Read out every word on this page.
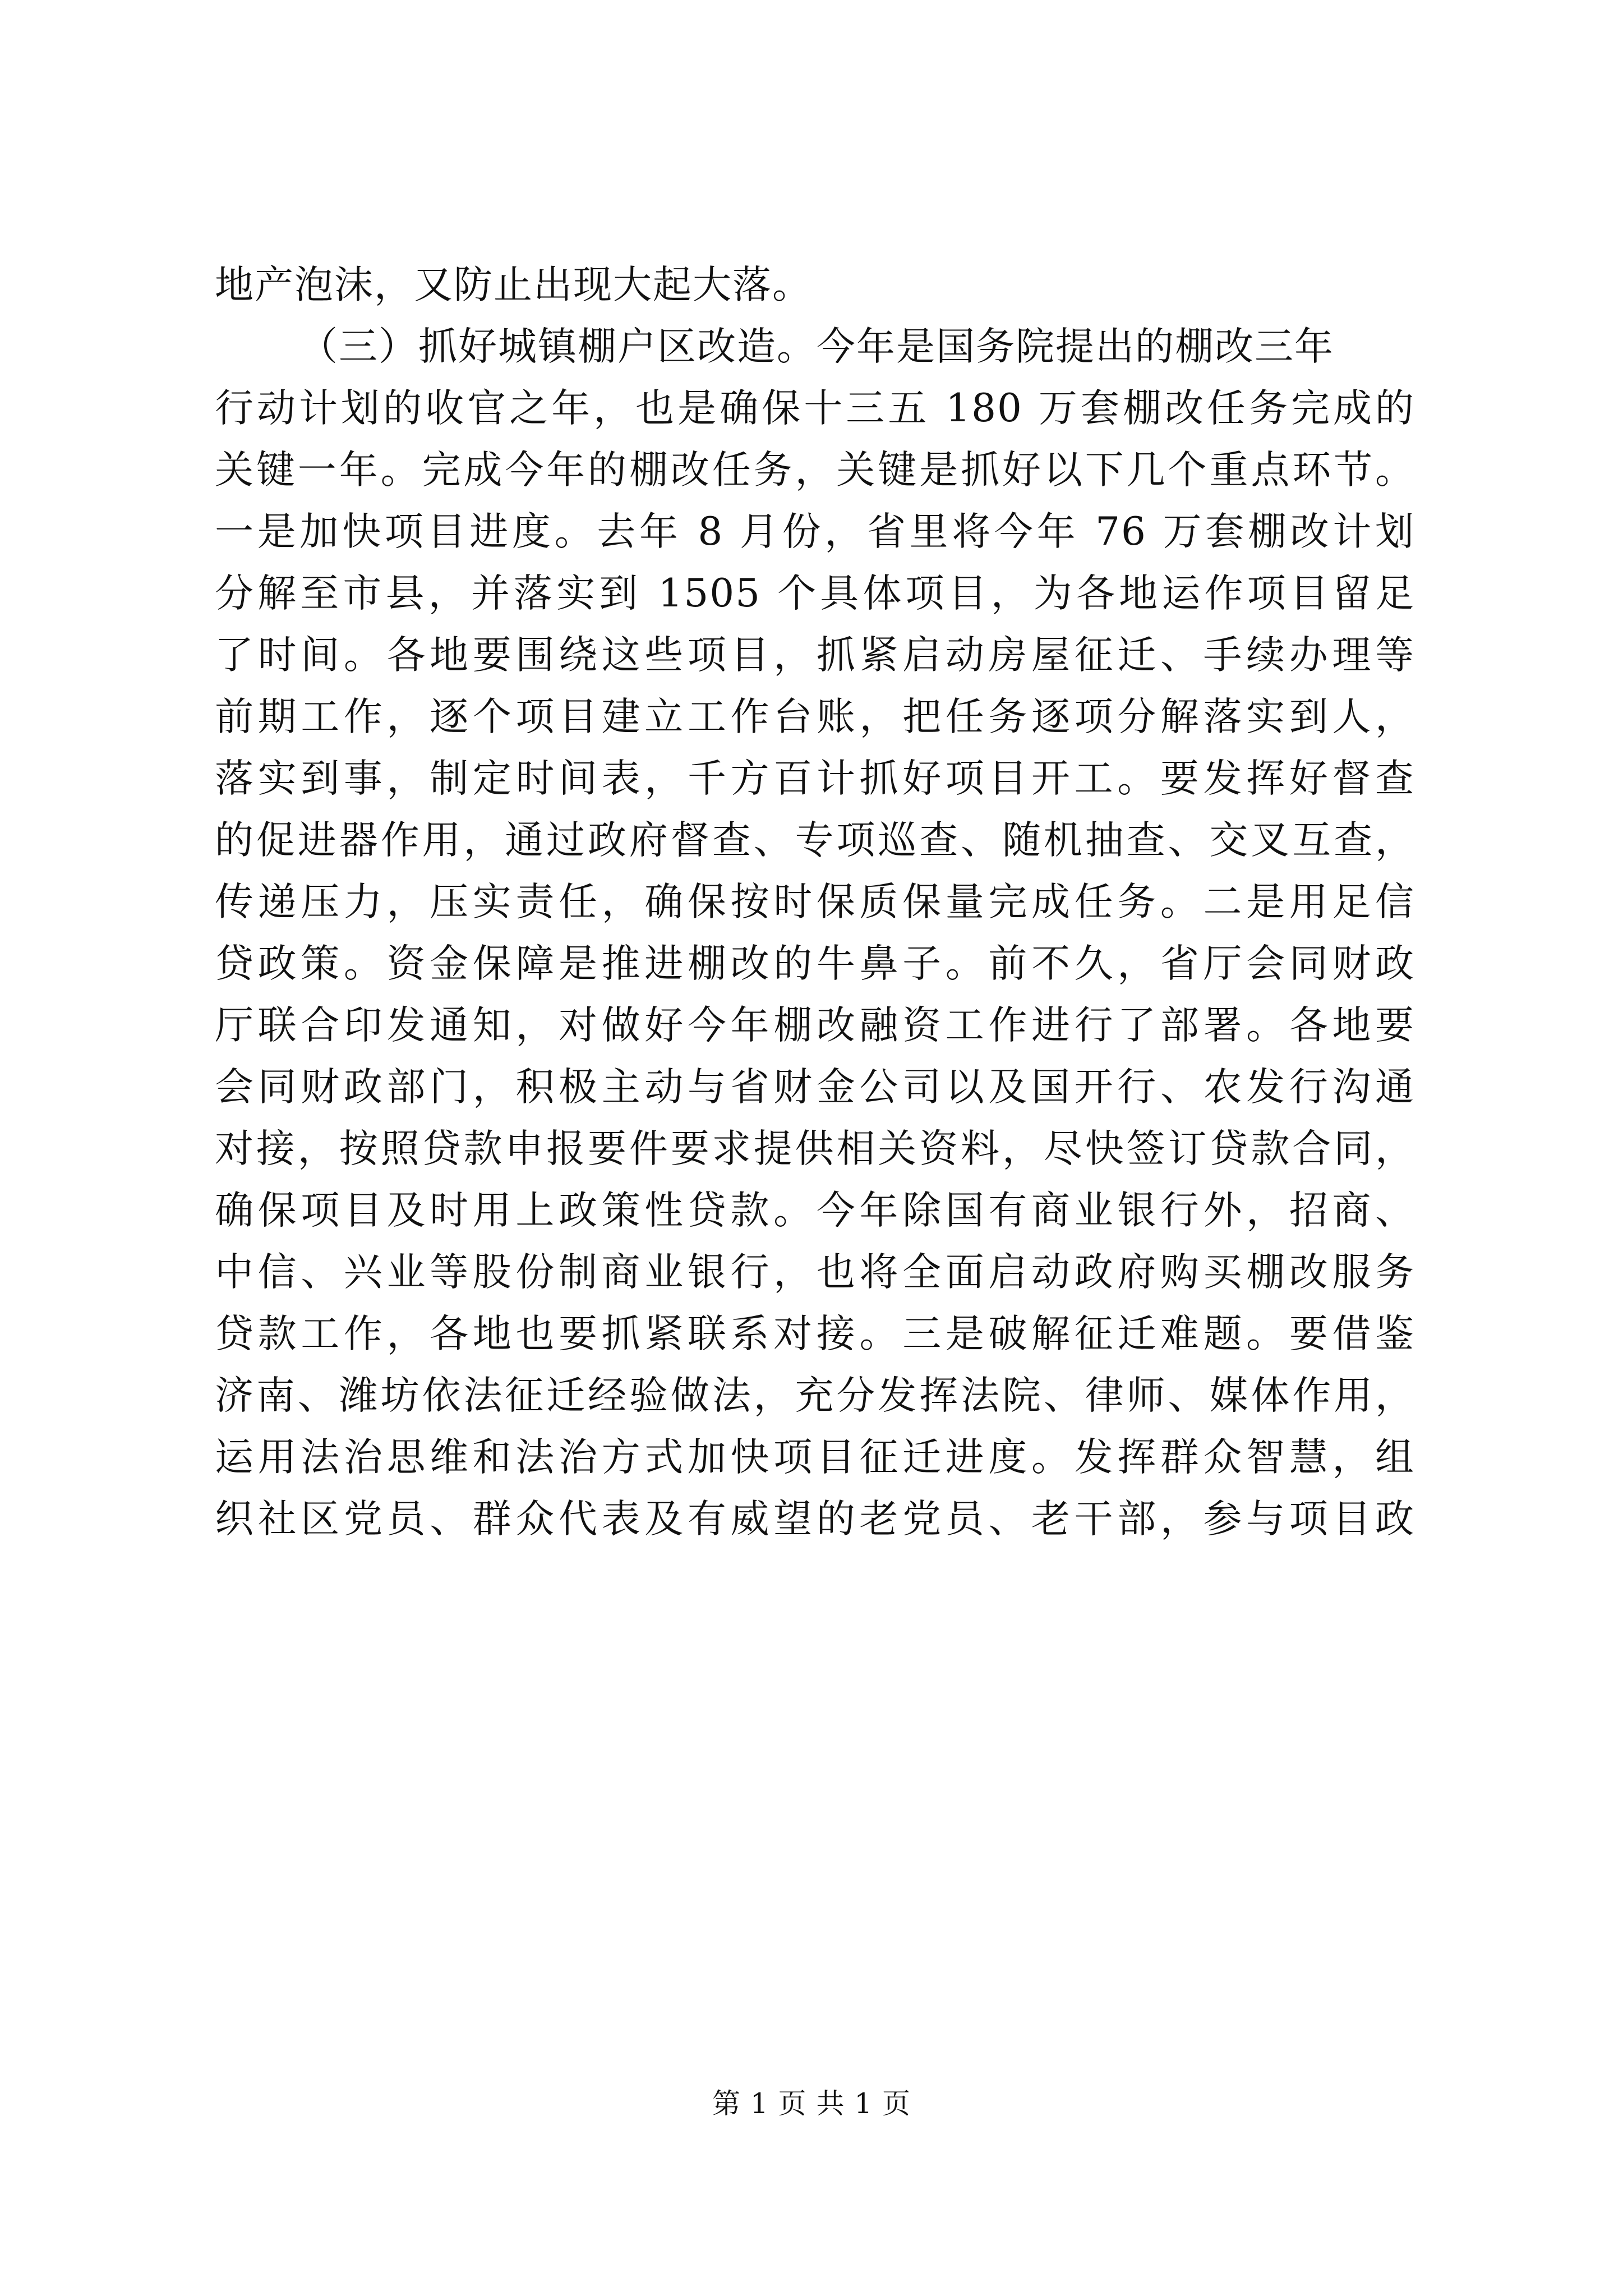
地产泡沫，又防止出现大起大落。
（三）抓好城镇棚户区改造。今年是国务院提出的棚改三年
行动计划的收官之年，也是确保十三五 180 万套棚改任务完成的
关键一年。完成今年的棚改任务，关键是抓好以下几个重点环节。
一是加快项目进度。去年 8 月份，省里将今年 76 万套棚改计划
分解至市县，并落实到 1505 个具体项目，为各地运作项目留足
了时间。各地要围绕这些项目，抓紧启动房屋征迁、手续办理等
前期工作，逐个项目建立工作台账，把任务逐项分解落实到人，
落实到事，制定时间表，千方百计抓好项目开工。要发挥好督查
的促进器作用，通过政府督查、专项巡查、随机抽查、交叉互查，
传递压力，压实责任，确保按时保质保量完成任务。二是用足信
贷政策。资金保障是推进棚改的牛鼻子。前不久，省厅会同财政
厅联合印发通知，对做好今年棚改融资工作进行了部署。各地要
会同财政部门，积极主动与省财金公司以及国开行、农发行沟通
对接，按照贷款申报要件要求提供相关资料，尽快签订贷款合同，
确保项目及时用上政策性贷款。今年除国有商业银行外，招商、
中信、兴业等股份制商业银行，也将全面启动政府购买棚改服务
贷款工作，各地也要抓紧联系对接。三是破解征迁难题。要借鉴
济南、潍坊依法征迁经验做法，充分发挥法院、律师、媒体作用，
运用法治思维和法治方式加快项目征迁进度。发挥群众智慧，组
织社区党员、群众代表及有威望的老党员、老干部，参与项目政
第 1 页 共 1 页
